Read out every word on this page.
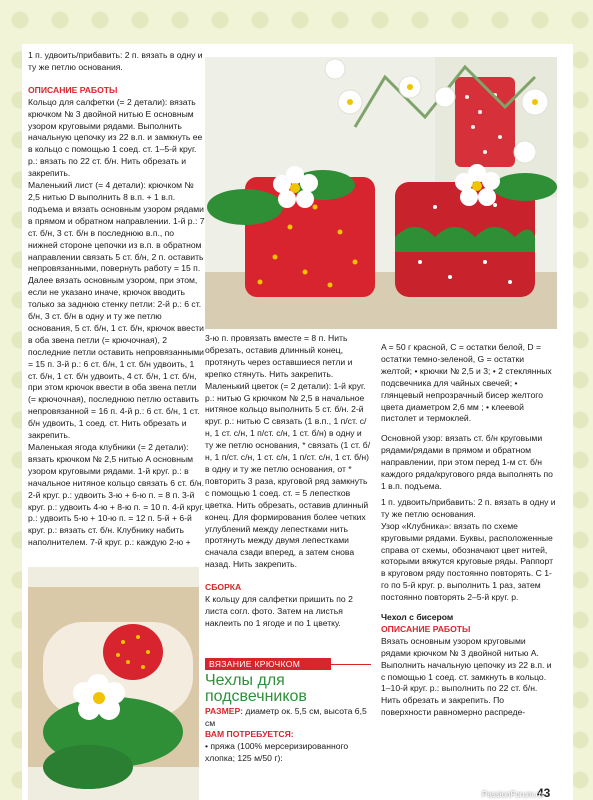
1 п. удвоить/прибавить: 2 п. вязать в одну и ту же петлю основания.

ОПИСАНИЕ РАБОТЫ

Кольцо для салфетки (= 2 детали): вязать крючком № 3 двойной нитью E основным узором круговыми рядами. Выполнить начальную цепочку из 22 в.п. и замкнуть ее в кольцо с помощью 1 соед. ст. 1–5-й круг. р.: вязать по 22 ст. б/н. Нить обрезать и закрепить.

Маленький лист (= 4 детали): крючком № 2,5 нитью D выполнить 8 в.п. + 1 в.п. подъема и вязать основным узором рядами в прямом и обратном направлении. 1-й р.: 7 ст. б/н, 3 ст. б/н в последнюю в.п., по нижней стороне цепочки из в.п. в обратном направлении связать 5 ст. б/н, 2 п. оставить непровязанными, повернуть работу = 15 п. Далее вязать основным узором, при этом, если не указано иначе, крючок вводить только за заднюю стенку петли: 2-й р.: 6 ст. б/н, 3 ст. б/н в одну и ту же петлю основания, 5 ст. б/н, 1 ст. б/н, крючок ввести в оба звена петли (= крючочная), 2 последние петли оставить непровязанными = 15 п. 3-й р.: 6 ст. б/н, 1 ст. б/н удвоить, 1 ст. б/н, 1 ст. б/н удвоить, 4 ст. б/н, 1 ст. б/н, при этом крючок ввести в оба звена петли (= крючочная), последнюю петлю оставить непровязанной = 16 п. 4-й р.: 6 ст. б/н, 1 ст. б/н удвоить, 1 соед. ст. Нить обрезать и закрепить.

Маленькая ягода клубники (= 2 детали): вязать крючком № 2,5 нитью A основным узором круговыми рядами. 1-й круг. р.: в начальное нитяное кольцо связать 6 ст. б/н. 2-й круг. р.: удвоить 3-ю + 6-ю п. = 8 п. 3-й круг. р.: удвоить 4-ю + 8-ю п. = 10 п. 4-й круг. р.: удвоить 5-ю + 10-ю п. = 12 п. 5-й + 6-й круг. р.: вязать ст. б/н. Клубнику набить наполнителем. 7-й круг. р.: каждую 2-ю +

3-ю п. провязать вместе = 8 п. Нить обрезать, оставив длинный конец, протянуть через оставшиеся петли и крепко стянуть. Нить закрепить.

Маленький цветок (= 2 детали): 1-й круг. р.: нитью G крючком № 2,5 в начальное нитяное кольцо выполнить 5 ст. б/н. 2-й круг. р.: нитью C связать (1 в.п., 1 п/ст. с/н, 1 ст. с/н, 1 п/ст. с/н, 1 ст. б/н) в одну и ту же петлю основания, * связать (1 ст. б/н, 1 п/ст. с/н, 1 ст. с/н, 1 п/ст. с/н, 1 ст. б/н) в одну и ту же петлю основания, от * повторить 3 раза, круговой ряд замкнуть с помощью 1 соед. ст. = 5 лепестков цветка. Нить обрезать, оставив длинный конец. Для формирования более четких углублений между лепестками нить протянуть между двумя лепестками сначала сзади вперед, а затем снова назад. Нить закрепить.

СБОРКА

К кольцу для салфетки пришить по 2 листа согл. фото. Затем на листья наклеить по 1 ягоде и по 1 цветку.

A = 50 г красной, C = остатки белой, D = остатки темно-зеленой, G = остатки желтой; • крючки № 2,5 и 3; • 2 стеклянных подсвечника для чайных свечей; • глянцевый непрозрачный бисер желтого цвета диаметром 2,6 мм ; • клеевой пистолет и термоклей.

Основной узор: вязать ст. б/н круговыми рядами/рядами в прямом и обратном направлении, при этом перед 1-м ст. б/н каждого ряда/кругового ряда выполнять по 1 в.п. подъема.

1 п. удвоить/прибавить: 2 п. вязать в одну и ту же петлю основания.

Узор «Клубника»: вязать по схеме круговыми рядами. Буквы, расположенные справа от схемы, обозначают цвет нитей, которыми вяжутся круговые ряды. Раппорт в круговом ряду постоянно повторять. С 1-го по 5-й круг. р. выполнить 1 раз, затем постоянно повторять 2–5-й круг. р.

Чехол с бисером

ОПИСАНИЕ РАБОТЫ

Вязать основным узором круговыми рядами крючком № 3 двойной нитью A. Выполнить начальную цепочку из 22 в.п. и с помощью 1 соед. ст. замкнуть в кольцо. 1–10-й круг. р.: выполнить по 22 ст. б/н. Нить обрезать и закрепить. По поверхности равномерно распреде-

ВЯЗАНИЕ КРЮЧКОМ
Чехлы для подсвечников
РАЗМЕР: диаметр ок. 5,5 см, высота 6,5 см
ВАМ ПОТРЕБУЕТСЯ:
• пряжа (100% мерсеризированного хлопка; 125 м/50 г):
43
PassionForum.ru
